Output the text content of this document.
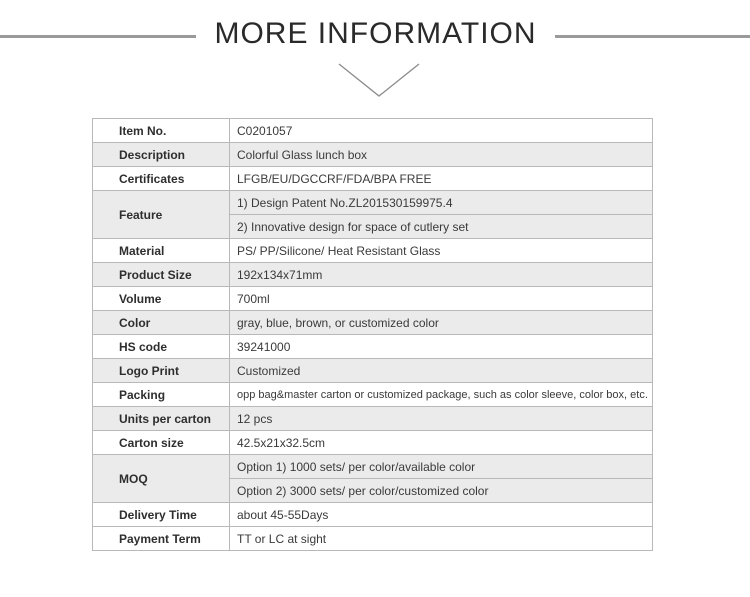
MORE INFORMATION
Item No.	C0201057
Description	Colorful Glass lunch box
Certificates	LFGB/EU/DGCCRF/FDA/BPA FREE
Feature	1) Design Patent No.ZL201530159975.4
	2) Innovative design for space of cutlery set
Material	PS/ PP/Silicone/ Heat Resistant Glass
Product Size	192x134x71mm
Volume	700ml
Color	gray, blue, brown, or customized color
HS code	39241000
Logo Print	Customized
Packing	opp bag&master carton or customized package, such as color sleeve, color box, etc.
Units per carton	12 pcs
Carton size	42.5x21x32.5cm
MOQ	Option 1) 1000 sets/ per color/available color
	Option 2) 3000 sets/ per color/customized color
Delivery Time	about 45-55Days
Payment Term	TT or LC at sight
